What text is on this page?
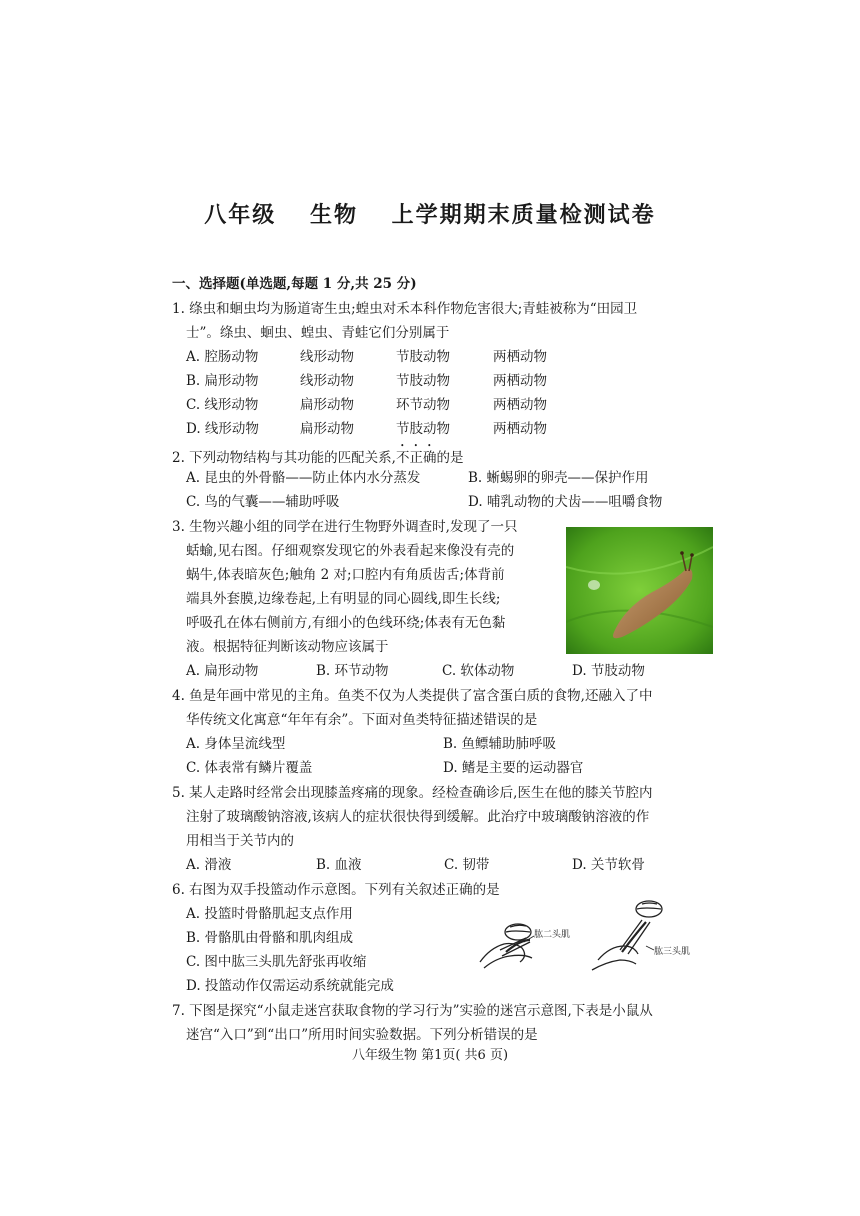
八年级 生物 上学期期末质量检测试卷
一、选择题(单选题,每题 1 分,共 25 分)
1. 绦虫和蛔虫均为肠道寄生虫;蝗虫对禾本科作物危害很大;青蛙被称为“田园卫
士”。绦虫、蛔虫、蝗虫、青蛙它们分别属于
A. 腔肠动物	线形动物	节肢动物	两栖动物
B. 扁形动物	线形动物	节肢动物	两栖动物
C. 线形动物	扁形动物	环节动物	两栖动物
D. 线形动物	扁形动物	节肢动物	两栖动物
2. 下列动物结构与其功能的匹配关系,不正确的是
A. 昆虫的外骨骼——防止体内水分蒸发	B. 蜥蜴卵的卵壳——保护作用
C. 鸟的气囊——辅助呼吸	D. 哺乳动物的犬齿——咀嚼食物
3. 生物兴趣小组的同学在进行生物野外调查时,发现了一只
蛞蝓,见右图。仔细观察发现它的外表看起来像没有壳的
蜗牛,体表暗灰色;触角 2 对;口腔内有角质齿舌;体背前
端具外套膜,边缘卷起,上有明显的同心圆线,即生长线;
呼吸孔在体右侧前方,有细小的色线环绕;体表有无色黏
液。根据特征判断该动物应该属于
A. 扁形动物	B. 环节动物	C. 软体动物	D. 节肢动物
4. 鱼是年画中常见的主角。鱼类不仅为人类提供了富含蛋白质的食物,还融入了中
华传统文化寓意“年年有余”。下面对鱼类特征描述错误的是
A. 身体呈流线型	B. 鱼鳔辅助肺呼吸
C. 体表常有鳞片覆盖	D. 鳍是主要的运动器官
5. 某人走路时经常会出现膝盖疼痛的现象。经检查确诊后,医生在他的膝关节腔内
注射了玻璃酸钠溶液,该病人的症状很快得到缓解。此治疗中玻璃酸钠溶液的作
用相当于关节内的
A. 滑液	B. 血液	C. 韧带	D. 关节软骨
6. 右图为双手投篮动作示意图。下列有关叙述正确的是
A. 投篮时骨骼肌起支点作用
B. 骨骼肌由骨骼和肌肉组成
C. 图中肱三头肌先舒张再收缩
D. 投篮动作仅需运动系统就能完成
肱二头肌
肱三头肌
7. 下图是探究“小鼠走迷宫获取食物的学习行为”实验的迷宫示意图,下表是小鼠从
迷宫“入口”到“出口”所用时间实验数据。下列分析错误的是
八年级生物 第1页( 共6 页)
